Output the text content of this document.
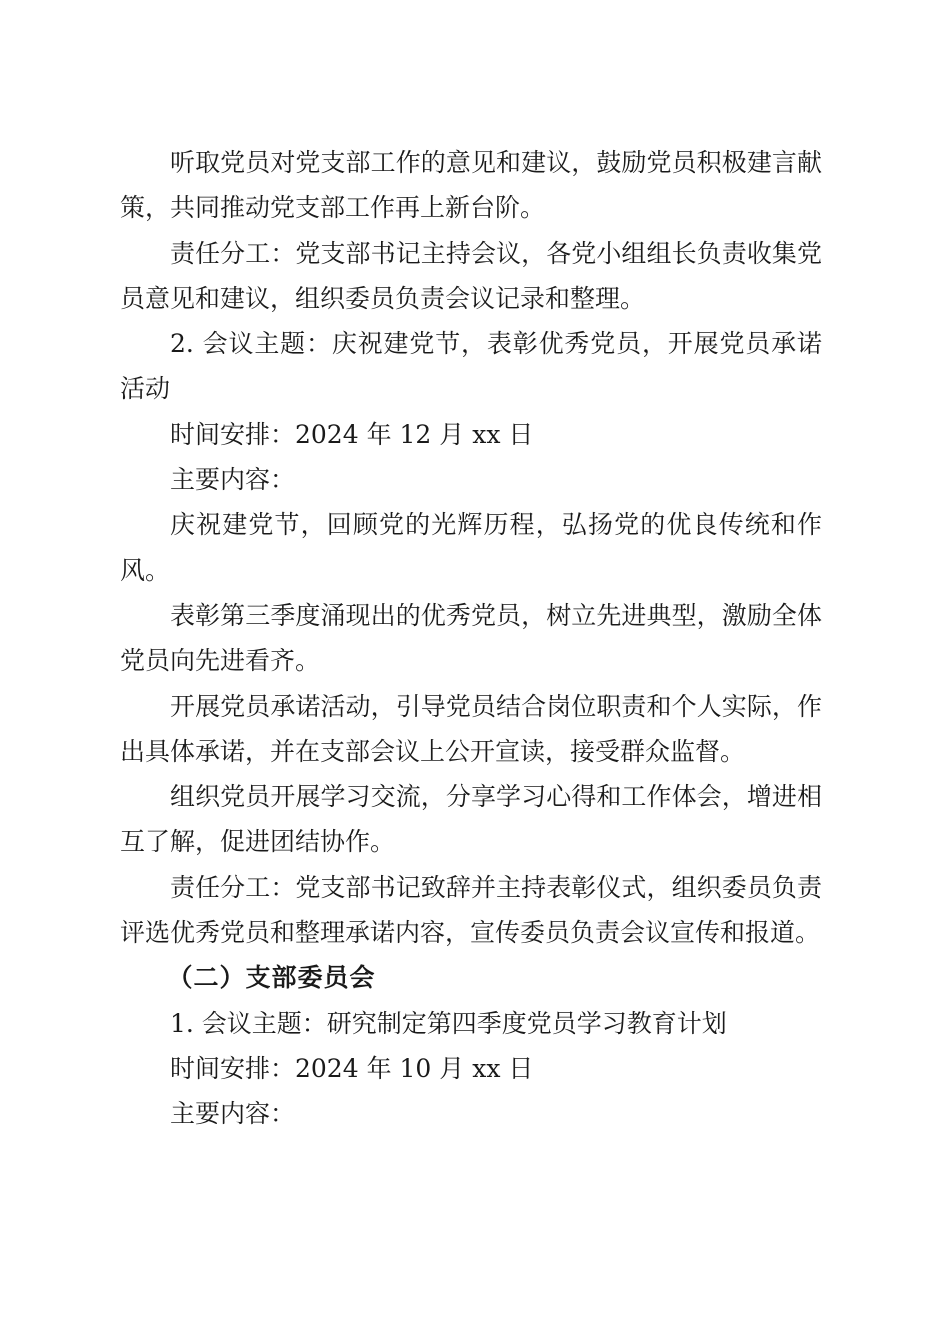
听取党员对党支部工作的意见和建议，鼓励党员积极建言献策，共同推动党支部工作再上新台阶。

责任分工：党支部书记主持会议，各党小组组长负责收集党员意见和建议，组织委员负责会议记录和整理。

2. 会议主题：庆祝建党节，表彰优秀党员，开展党员承诺活动

时间安排：2024 年 12 月 xx 日

主要内容：

庆祝建党节，回顾党的光辉历程，弘扬党的优良传统和作风。

表彰第三季度涌现出的优秀党员，树立先进典型，激励全体党员向先进看齐。

开展党员承诺活动，引导党员结合岗位职责和个人实际，作出具体承诺，并在支部会议上公开宣读，接受群众监督。

组织党员开展学习交流，分享学习心得和工作体会，增进相互了解，促进团结协作。

责任分工：党支部书记致辞并主持表彰仪式，组织委员负责评选优秀党员和整理承诺内容，宣传委员负责会议宣传和报道。

（二）支部委员会

1. 会议主题：研究制定第四季度党员学习教育计划

时间安排：2024 年 10 月 xx 日

主要内容：
